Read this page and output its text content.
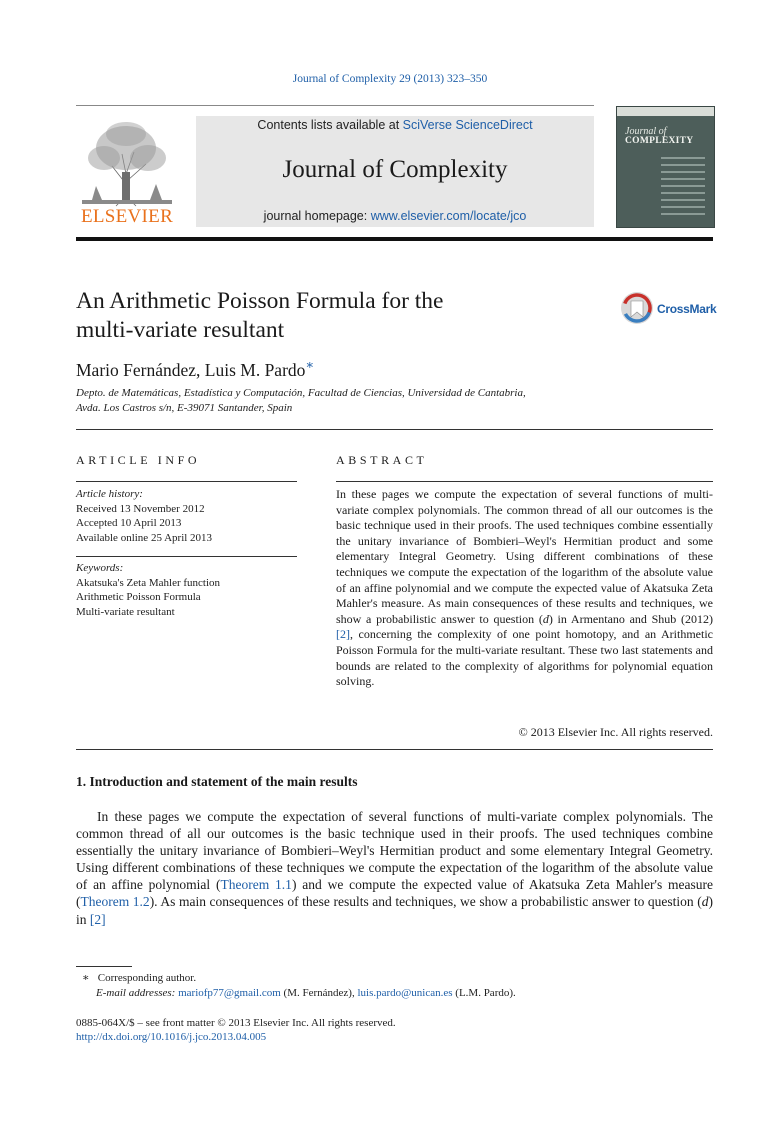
Journal of Complexity 29 (2013) 323–350
ELSEVIER
Contents lists available at SciVerse ScienceDirect
Journal of Complexity
journal homepage: www.elsevier.com/locate/jco
Journal of
COMPLEXITY
An Arithmetic Poisson Formula for the
multi-variate resultant
CrossMark
Mario Fernández, Luis M. Pardo∗
Depto. de Matemáticas, Estadística y Computación, Facultad de Ciencias, Universidad de Cantabria,
Avda. Los Castros s/n, E-39071 Santander, Spain
ARTICLE INFO	ABSTRACT
Article history:
Received 13 November 2012
Accepted 10 April 2013
Available online 25 April 2013
Keywords:
Akatsuka's Zeta Mahler function
Arithmetic Poisson Formula
Multi-variate resultant
In these pages we compute the expectation of several functions of multi-variate complex polynomials. The common thread of all our outcomes is the basic technique used in their proofs. The used techniques combine essentially the unitary invariance of Bombieri–Weyl's Hermitian product and some elementary Integral Geometry. Using different combinations of these techniques we compute the expectation of the logarithm of the absolute value of an affine polynomial and we compute the expected value of Akatsuka Zeta Mahler's measure. As main consequences of these results and techniques, we show a probabilistic answer to question (d) in Armentano and Shub (2012) [2], concerning the complexity of one point homotopy, and an Arithmetic Poisson Formula for the multi-variate resultant. These two last statements and bounds are related to the complexity of algorithms for polynomial equation solving.
© 2013 Elsevier Inc. All rights reserved.
1. Introduction and statement of the main results
In these pages we compute the expectation of several functions of multi-variate complex polynomials. The common thread of all our outcomes is the basic technique used in their proofs. The used techniques combine essentially the unitary invariance of Bombieri–Weyl's Hermitian product and some elementary Integral Geometry. Using different combinations of these techniques we compute the expectation of the logarithm of the absolute value of an affine polynomial (Theorem 1.1) and we compute the expected value of Akatsuka Zeta Mahler's measure (Theorem 1.2). As main consequences of these results and techniques, we show a probabilistic answer to question (d) in [2]
∗ Corresponding author.
E-mail addresses: mariofp77@gmail.com (M. Fernández), luis.pardo@unican.es (L.M. Pardo).
0885-064X/$ – see front matter © 2013 Elsevier Inc. All rights reserved.
http://dx.doi.org/10.1016/j.jco.2013.04.005
